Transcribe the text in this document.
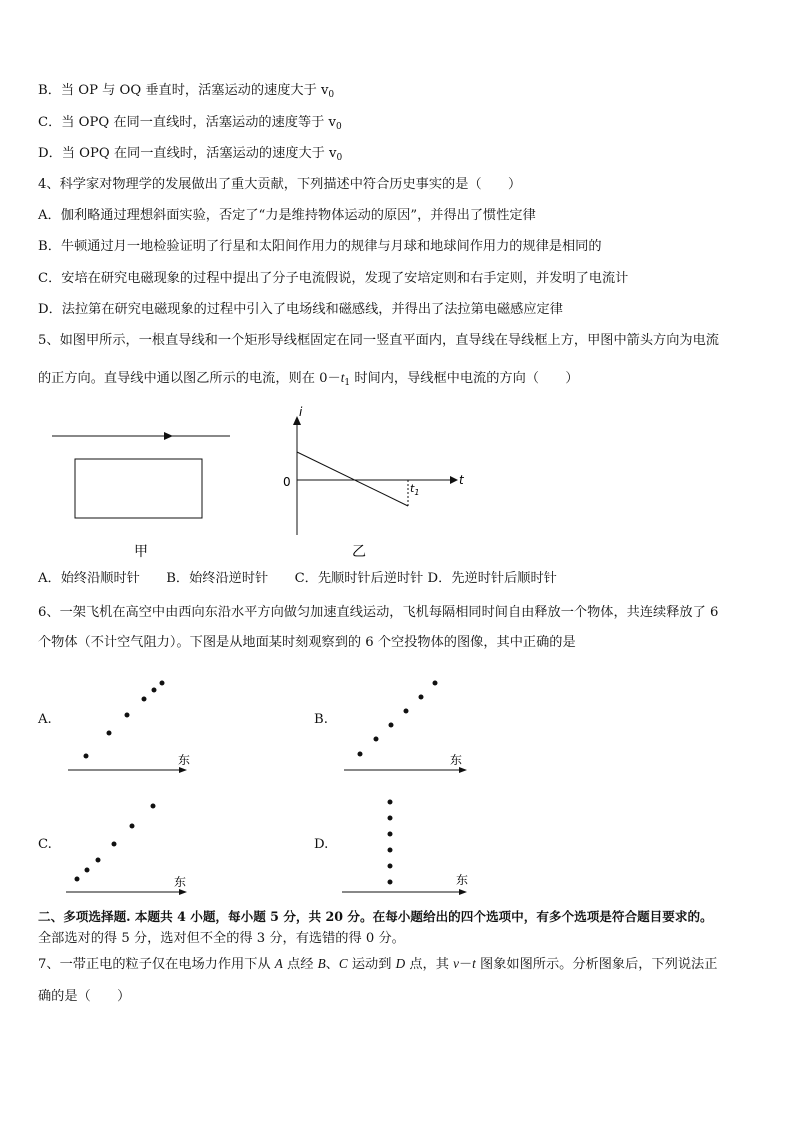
B．当 OP 与 OQ 垂直时，活塞运动的速度大于 $v_0$
C．当 OPQ 在同一直线时，活塞运动的速度等于 $v_0$
D．当 OPQ 在同一直线时，活塞运动的速度大于 $v_0$
4、科学家对物理学的发展做出了重大贡献，下列描述中符合历史事实的是（　　）
A．伽利略通过理想斜面实验，否定了“力是维持物体运动的原因”，并得出了惯性定律
B．牛顿通过月一地检验证明了行星和太阳间作用力的规律与月球和地球间作用力的规律是相同的
C．安培在研究电磁现象的过程中提出了分子电流假说，发现了安培定则和右手定则，并发明了电流计
D．法拉第在研究电磁现象的过程中引入了电场线和磁感线，并得出了法拉第电磁感应定律
5、如图甲所示，一根直导线和一个矩形导线框固定在同一竖直平面内，直导线在导线框上方，甲图中箭头方向为电流
的正方向。直导线中通以图乙所示的电流，则在 $0-t_1$ 时间内，导线框中电流的方向（　　）
甲
i
t
0	$t_1$
乙
A．始终沿顺时针　　B．始终沿逆时针　　C．先顺时针后逆时针 D．先逆时针后顺时针
6、一架飞机在高空中由西向东沿水平方向做匀加速直线运动，飞机每隔相同时间自由释放一个物体，共连续释放了 6
个物体（不计空气阻力）。下图是从地面某时刻观察到的 6 个空投物体的图像，其中正确的是
A.	B.
C.	D.
东	东
东	东
二、多项选择题. 本题共 4 小题，每小题 5 分，共 20 分。在每小题给出的四个选项中，有多个选项是符合题目要求的。
全部选对的得 5 分，选对但不全的得 3 分，有选错的得 0 分。
7、一带正电的粒子仅在电场力作用下从 A 点经 B、C 运动到 D 点，其 v－t 图象如图所示。分析图象后，下列说法正
确的是（　　）
